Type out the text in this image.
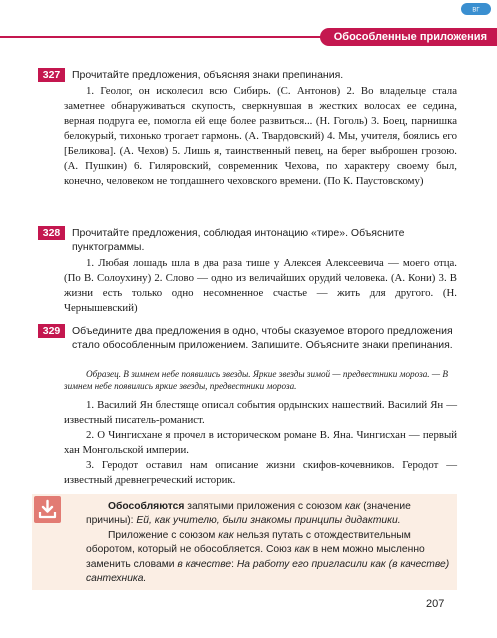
ВГ
Обособленные приложения
327	Прочитайте предложения, объясняя знаки препинания.

1. Геолог, он исколесил всю Сибирь. (С. Антонов) 2. Во владельце стала заметнее обнаруживаться скупость, сверкнувшая в жестких волосах ее седина, верная подруга ее, помогла ей еще более развиться... (Н. Гоголь) 3. Боец, парнишка белокурый, тихонько трогает гармонь. (А. Твардовский) 4. Мы, учителя, боялись его [Беликова]. (А. Чехов) 5. Лишь я, таинственный певец, на берег выброшен грозою. (А. Пушкин) 6. Гиляровский, современник Чехова, по характеру своему был, конечно, человеком не топдашнего чеховского времени. (По К. Паустовскому)

328	Прочитайте предложения, соблюдая интонацию «тире». Объясните пунктограммы.

1. Любая лошадь шла в два раза тише у Алексея Алексеевича — моего отца. (По В. Солоухину) 2. Слово — одно из величайших орудий человека. (А. Кони) 3. В жизни есть только одно несомненное счастье — жить для другого. (Н. Чернышевский)

329	Объедините два предложения в одно, чтобы сказуемое второго предложения стало обособленным приложением. Запишите. Объясните знаки препинания.

Образец. В зимнем небе появились звезды. Яркие звезды зимой — предвестники мороза. — В зимнем небе появились яркие звезды, предвестники мороза.

1. Василий Ян блестяще описал события ордынских нашествий. Василий Ян — известный писатель-романист.

2. О Чингисхане я прочел в историческом романе В. Яна. Чингисхан — первый хан Монгольской империи.

3. Геродот оставил нам описание жизни скифов-кочевников. Геродот — известный древнегреческий историк.

Обособляются запятыми приложения с союзом как (значение причины): Ей, как учителю, были знакомы принципы дидактики.

Приложение с союзом как нельзя путать с отождествительным оборотом, который не обособляется. Союз как в нем можно мысленно заменить словами в качестве: На работу его пригласили как (в качестве) сантехника.

207
